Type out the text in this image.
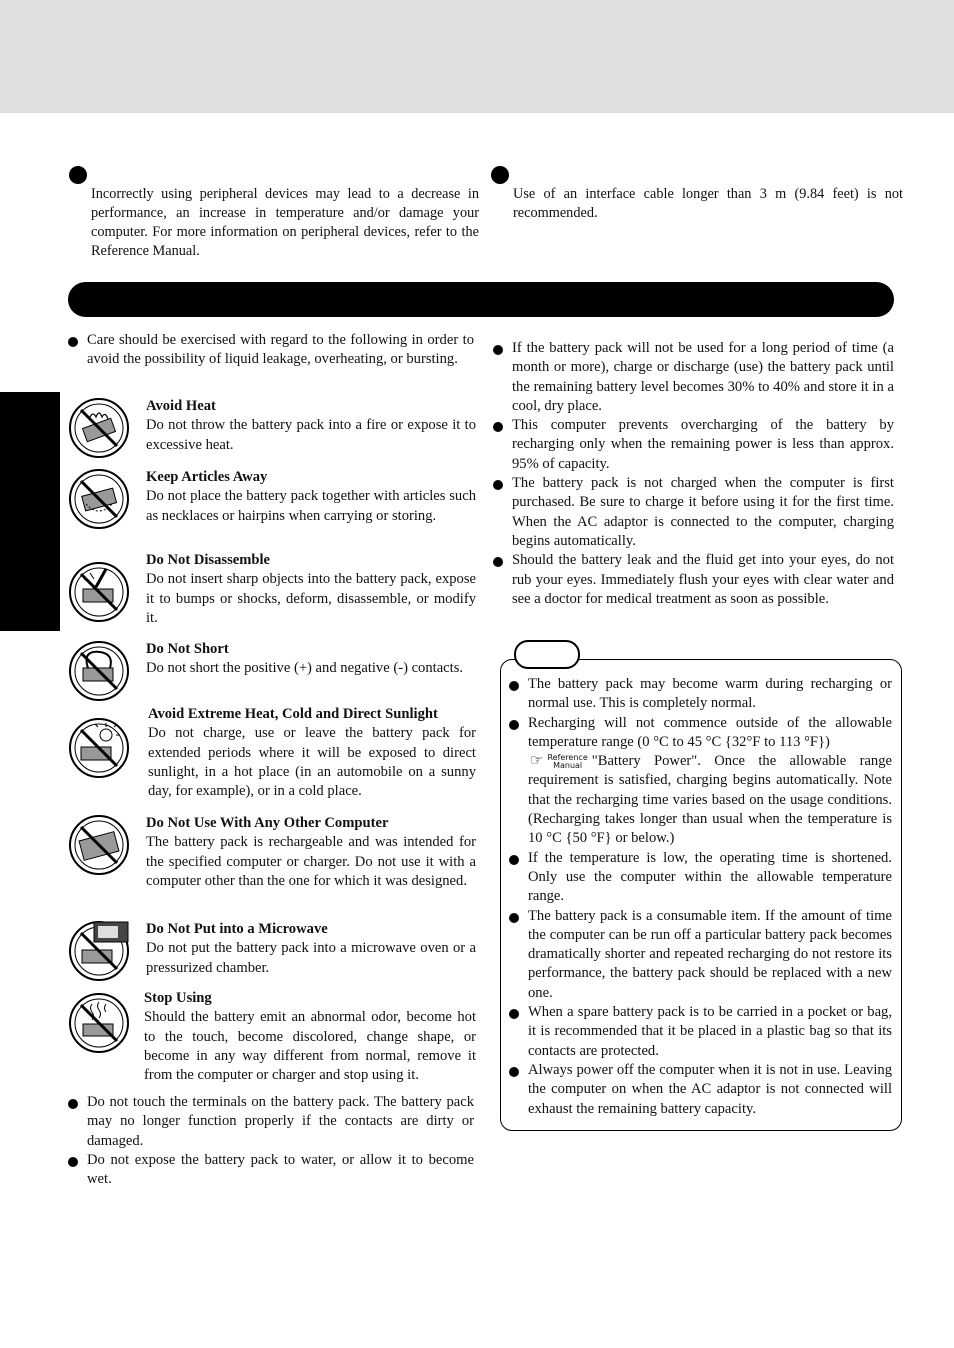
Incorrectly using peripheral devices may lead to a decrease in performance, an increase in temperature and/or damage your computer. For more information on peripheral devices, refer to the Reference Manual.
Use of an interface cable longer than 3 m (9.84 feet) is not recommended.
Care should be exercised with regard to the following in order to avoid the possibility of liquid leakage, overheating, or bursting.
Avoid Heat
Do not throw the battery pack into a fire or expose it to excessive heat.
Keep Articles Away
Do not place the battery pack together with articles such as necklaces or hairpins when carrying or storing.
Do Not Disassemble
Do not insert sharp objects into the battery pack, expose it to bumps or shocks, deform, disassemble, or modify it.
Do Not Short
Do not short the positive (+) and negative (-) contacts.
Avoid Extreme Heat, Cold and Direct Sunlight
Do not charge, use or leave the battery pack for extended periods where it will be exposed to direct sunlight, in a hot place (in an automobile on a sunny day, for example), or in a cold place.
Do Not Use With Any Other Computer
The battery pack is rechargeable and was intended for the specified computer or charger. Do not use it with a computer other than the one for which it was designed.
Do Not Put into a Microwave
Do not put the battery pack into a microwave oven or a pressurized chamber.
Stop Using
Should the battery emit an abnormal odor, become hot to the touch, become discolored, change shape, or become in any way different from normal, remove it from the computer or charger and stop using it.
Do not touch the terminals on the battery pack. The battery pack may no longer function properly if the contacts are dirty or damaged.
Do not expose the battery pack to water, or allow it to become wet.
If the battery pack will not be used for a long period of time (a month or more), charge or discharge (use) the battery pack until the remaining battery level becomes 30% to 40% and store it in a cool, dry place.
This computer prevents overcharging of the battery by recharging only when the remaining power is less than approx. 95% of capacity.
The battery pack is not charged when the computer is first purchased. Be sure to charge it before using it for the first time. When the AC adaptor is connected to the computer, charging begins automatically.
Should the battery leak and the fluid get into your eyes, do not rub your eyes. Immediately flush your eyes with clear water and see a doctor for medical treatment as soon as possible.
The battery pack may become warm during recharging or normal use. This is completely normal.
Recharging will not commence outside of the allowable temperature range (0 °C to 45 °C {32°F to 113 °F})
☞ Reference
Manual "Battery Power". Once the allowable range requirement is satisfied, charging begins automatically. Note that the recharging time varies based on the usage conditions. (Recharging takes longer than usual when the temperature is 10 °C {50 °F} or below.)
If the temperature is low, the operating time is shortened. Only use the computer within the allowable temperature range.
The battery pack is a consumable item. If the amount of time the computer can be run off a particular battery pack becomes dramatically shorter and repeated recharging do not restore its performance, the battery pack should be replaced with a new one.
When a spare battery pack is to be carried in a pocket or bag, it is recommended that it be placed in a plastic bag so that its contacts are protected.
Always power off the computer when it is not in use. Leaving the computer on when the AC adaptor is not connected will exhaust the remaining battery capacity.
